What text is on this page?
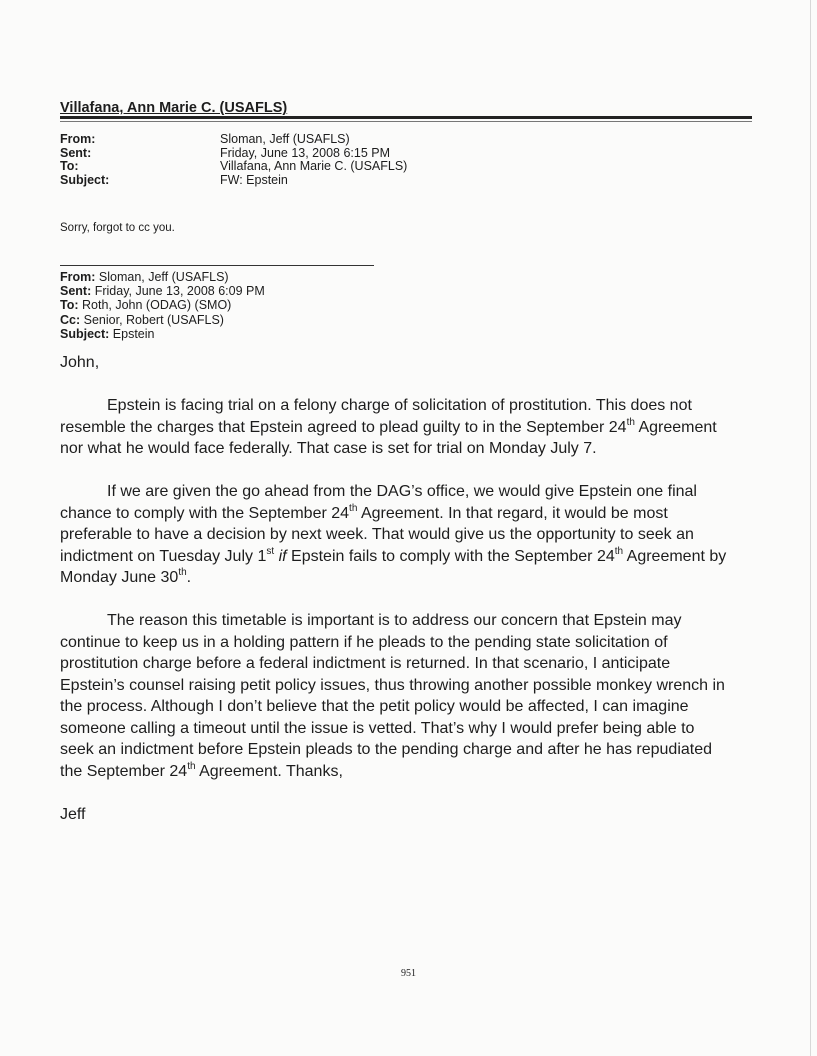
Villafana, Ann Marie C. (USAFLS)
From:	Sloman, Jeff (USAFLS)
Sent:	Friday, June 13, 2008 6:15 PM
To:	Villafana, Ann Marie C. (USAFLS)
Subject:	FW: Epstein
Sorry, forgot to cc you.
From: Sloman, Jeff (USAFLS)
Sent: Friday, June 13, 2008 6:09 PM
To: Roth, John (ODAG) (SMO)
Cc: Senior, Robert (USAFLS)
Subject: Epstein

John,

Epstein is facing trial on a felony charge of solicitation of prostitution. This does not

resemble the charges that Epstein agreed to plead guilty to in the September 24th Agreement

nor what he would face federally. That case is set for trial on Monday July 7.

If we are given the go ahead from the DAG’s office, we would give Epstein one final

chance to comply with the September 24th Agreement. In that regard, it would be most

preferable to have a decision by next week. That would give us the opportunity to seek an

indictment on Tuesday July 1st if Epstein fails to comply with the September 24th Agreement by

Monday June 30th.

The reason this timetable is important is to address our concern that Epstein may

continue to keep us in a holding pattern if he pleads to the pending state solicitation of

prostitution charge before a federal indictment is returned. In that scenario, I anticipate

Epstein’s counsel raising petit policy issues, thus throwing another possible monkey wrench in

the process. Although I don’t believe that the petit policy would be affected, I can imagine

someone calling a timeout until the issue is vetted. That’s why I would prefer being able to

seek an indictment before Epstein pleads to the pending charge and after he has repudiated

the September 24th Agreement. Thanks,

Jeff

951
